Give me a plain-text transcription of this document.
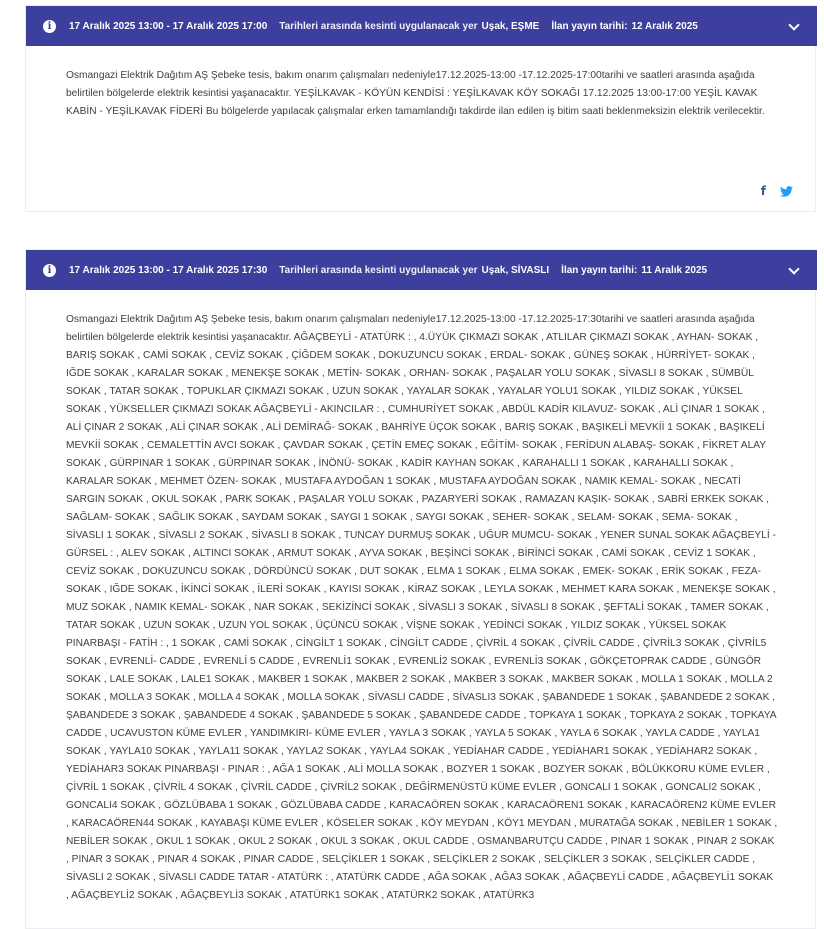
i	17 Aralık 2025 13:00 - 17 Aralık 2025 17:00 Tarihleri arasında kesinti uygulanacak yer Uşak, EŞME İlan yayın tarihi: 12 Aralık 2025
Osmangazi Elektrik Dağıtım AŞ Şebeke tesis, bakım onarım çalışmaları nedeniyle17.12.2025-13:00 -17.12.2025-17:00tarihi ve saatleri arasında aşağıda belirtilen bölgelerde elektrik kesintisi yaşanacaktır. YEŞİLKAVAK - KÖYÜN KENDİSİ : YEŞİLKAVAK KÖY SOKAĞI 17.12.2025 13:00-17:00 YEŞİL KAVAK KABİN - YEŞİLKAVAK FİDERİ Bu bölgelerde yapılacak çalışmalar erken tamamlandığı takdirde ilan edilen iş bitim saati beklenmeksizin elektrik verilecektir.
f
i	17 Aralık 2025 13:00 - 17 Aralık 2025 17:30 Tarihleri arasında kesinti uygulanacak yer Uşak, SİVASLI İlan yayın tarihi: 11 Aralık 2025
Osmangazi Elektrik Dağıtım AŞ Şebeke tesis, bakım onarım çalışmaları nedeniyle17.12.2025-13:00 -17.12.2025-17:30tarihi ve saatleri arasında aşağıda belirtilen bölgelerde elektrik kesintisi yaşanacaktır. AĞAÇBEYLİ - ATATÜRK : , 4.ÜYÜK ÇIKMAZI SOKAK , ATLILAR ÇIKMAZI SOKAK , AYHAN- SOKAK , BARIŞ SOKAK , CAMİ SOKAK , CEVİZ SOKAK , ÇİĞDEM SOKAK , DOKUZUNCU SOKAK , ERDAL- SOKAK , GÜNEŞ SOKAK , HÜRRİYET- SOKAK , IĞDE SOKAK , KARALAR SOKAK , MENEKŞE SOKAK , METİN- SOKAK , ORHAN- SOKAK , PAŞALAR YOLU SOKAK , SİVASLI 8 SOKAK , SÜMBÜL SOKAK , TATAR SOKAK , TOPUKLAR ÇIKMAZI SOKAK , UZUN SOKAK , YAYALAR SOKAK , YAYALAR YOLU1 SOKAK , YILDIZ SOKAK , YÜKSEL SOKAK , YÜKSELLER ÇIKMAZI SOKAK AĞAÇBEYLİ - AKINCILAR : , CUMHURİYET SOKAK , ABDÜL KADİR KILAVUZ- SOKAK , ALİ ÇINAR 1 SOKAK , ALİ ÇINAR 2 SOKAK , ALİ ÇINAR SOKAK , ALİ DEMİRAĞ- SOKAK , BAHRİYE ÜÇOK SOKAK , BARIŞ SOKAK , BAŞIKELİ MEVKİİ 1 SOKAK , BAŞIKELİ MEVKİİ SOKAK , CEMALETTİN AVCI SOKAK , ÇAVDAR SOKAK , ÇETİN EMEÇ SOKAK , EĞİTİM- SOKAK , FERİDUN ALABAŞ- SOKAK , FİKRET ALAY SOKAK , GÜRPINAR 1 SOKAK , GÜRPINAR SOKAK , İNÖNÜ- SOKAK , KADİR KAYHAN SOKAK , KARAHALLI 1 SOKAK , KARAHALLI SOKAK , KARALAR SOKAK , MEHMET ÖZEN- SOKAK , MUSTAFA AYDOĞAN 1 SOKAK , MUSTAFA AYDOĞAN SOKAK , NAMIK KEMAL- SOKAK , NECATİ SARGIN SOKAK , OKUL SOKAK , PARK SOKAK , PAŞALAR YOLU SOKAK , PAZARYERİ SOKAK , RAMAZAN KAŞIK- SOKAK , SABRİ ERKEK SOKAK , SAĞLAM- SOKAK , SAĞLIK SOKAK , SAYDAM SOKAK , SAYGI 1 SOKAK , SAYGI SOKAK , SEHER- SOKAK , SELAM- SOKAK , SEMA- SOKAK , SİVASLI 1 SOKAK , SİVASLI 2 SOKAK , SİVASLI 8 SOKAK , TUNCAY DURMUŞ SOKAK , UĞUR MUMCU- SOKAK , YENER SUNAL SOKAK AĞAÇBEYLİ - GÜRSEL : , ALEV SOKAK , ALTINCI SOKAK , ARMUT SOKAK , AYVA SOKAK , BEŞİNCİ SOKAK , BİRİNCİ SOKAK , CAMİ SOKAK , CEVİZ 1 SOKAK , CEVİZ SOKAK , DOKUZUNCU SOKAK , DÖRDÜNCÜ SOKAK , DUT SOKAK , ELMA 1 SOKAK , ELMA SOKAK , EMEK- SOKAK , ERİK SOKAK , FEZA- SOKAK , IĞDE SOKAK , İKİNCİ SOKAK , İLERİ SOKAK , KAYISI SOKAK , KİRAZ SOKAK , LEYLA SOKAK , MEHMET KARA SOKAK , MENEKŞE SOKAK , MUZ SOKAK , NAMIK KEMAL- SOKAK , NAR SOKAK , SEKİZİNCİ SOKAK , SİVASLI 3 SOKAK , SİVASLI 8 SOKAK , ŞEFTALİ SOKAK , TAMER SOKAK , TATAR SOKAK , UZUN SOKAK , UZUN YOL SOKAK , ÜÇÜNCÜ SOKAK , VİŞNE SOKAK , YEDİNCİ SOKAK , YILDIZ SOKAK , YÜKSEL SOKAK PINARBAŞI - FATİH : , 1 SOKAK , CAMİ SOKAK , CİNGİLT 1 SOKAK , CİNGİLT CADDE , ÇİVRİL 4 SOKAK , ÇİVRİL CADDE , ÇİVRİL3 SOKAK , ÇİVRİL5 SOKAK , EVRENLİ- CADDE , EVRENLİ 5 CADDE , EVRENLİ1 SOKAK , EVRENLİ2 SOKAK , EVRENLİ3 SOKAK , GÖKÇETOPRAK CADDE , GÜNGÖR SOKAK , LALE SOKAK , LALE1 SOKAK , MAKBER 1 SOKAK , MAKBER 2 SOKAK , MAKBER 3 SOKAK , MAKBER SOKAK , MOLLA 1 SOKAK , MOLLA 2 SOKAK , MOLLA 3 SOKAK , MOLLA 4 SOKAK , MOLLA SOKAK , SİVASLI CADDE , SİVASLI3 SOKAK , ŞABANDEDE 1 SOKAK , ŞABANDEDE 2 SOKAK , ŞABANDEDE 3 SOKAK , ŞABANDEDE 4 SOKAK , ŞABANDEDE 5 SOKAK , ŞABANDEDE CADDE , TOPKAYA 1 SOKAK , TOPKAYA 2 SOKAK , TOPKAYA CADDE , UCAVUSTON KÜME EVLER , YANDIMKIRI- KÜME EVLER , YAYLA 3 SOKAK , YAYLA 5 SOKAK , YAYLA 6 SOKAK , YAYLA CADDE , YAYLA1 SOKAK , YAYLA10 SOKAK , YAYLA11 SOKAK , YAYLA2 SOKAK , YAYLA4 SOKAK , YEDİAHAR CADDE , YEDİAHAR1 SOKAK , YEDİAHAR2 SOKAK , YEDİAHAR3 SOKAK PINARBAŞI - PINAR : , AĞA 1 SOKAK , ALİ MOLLA SOKAK , BOZYER 1 SOKAK , BOZYER SOKAK , BÖLÜKKORU KÜME EVLER , ÇİVRİL 1 SOKAK , ÇİVRİL 4 SOKAK , ÇİVRİL CADDE , ÇİVRİL2 SOKAK , DEĞİRMENÜSTÜ KÜME EVLER , GONCALI 1 SOKAK , GONCALI2 SOKAK , GONCALI4 SOKAK , GÖZLÜBABA 1 SOKAK , GÖZLÜBABA CADDE , KARACAÖREN SOKAK , KARACAÖREN1 SOKAK , KARACAÖREN2 KÜME EVLER , KARACAÖREN44 SOKAK , KAYABAŞI KÜME EVLER , KÖSELER SOKAK , KÖY MEYDAN , KÖY1 MEYDAN , MURATAĞA SOKAK , NEBİLER 1 SOKAK , NEBİLER SOKAK , OKUL 1 SOKAK , OKUL 2 SOKAK , OKUL 3 SOKAK , OKUL CADDE , OSMANBARUTÇU CADDE , PINAR 1 SOKAK , PINAR 2 SOKAK , PINAR 3 SOKAK , PINAR 4 SOKAK , PINAR CADDE , SELÇİKLER 1 SOKAK , SELÇİKLER 2 SOKAK , SELÇİKLER 3 SOKAK , SELÇİKLER CADDE , SİVASLI 2 SOKAK , SİVASLI CADDE TATAR - ATATÜRK : , ATATÜRK CADDE , AĞA SOKAK , AĞA3 SOKAK , AĞAÇBEYLİ CADDE , AĞAÇBEYLİ1 SOKAK , AĞAÇBEYLİ2 SOKAK , AĞAÇBEYLİ3 SOKAK , ATATÜRK1 SOKAK , ATATÜRK2 SOKAK , ATATÜRK3
